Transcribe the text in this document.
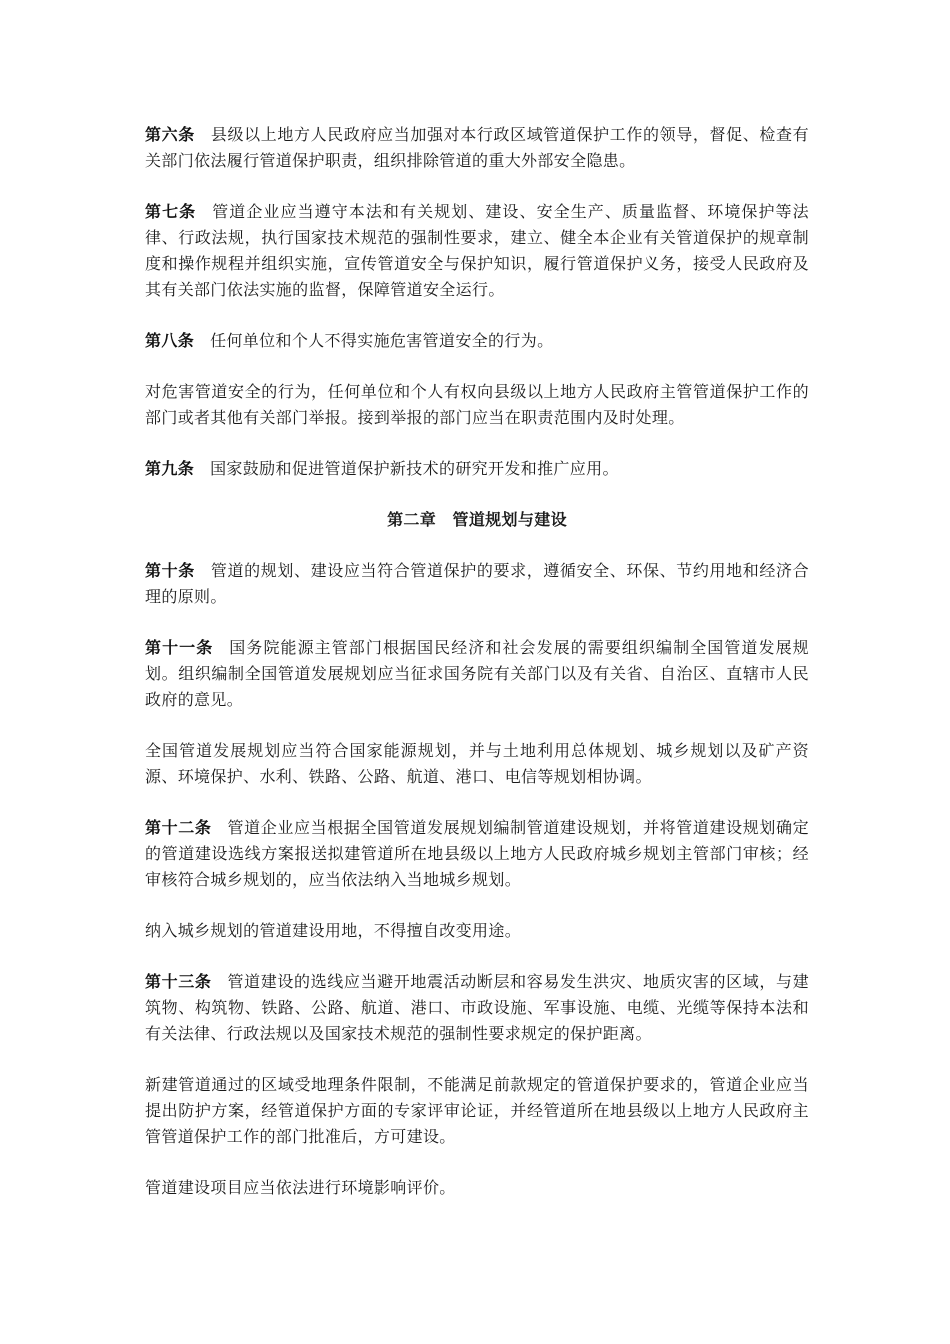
第六条 县级以上地方人民政府应当加强对本行政区域管道保护工作的领导，督促、检查有关部门依法履行管道保护职责，组织排除管道的重大外部安全隐患。

第七条 管道企业应当遵守本法和有关规划、建设、安全生产、质量监督、环境保护等法律、行政法规，执行国家技术规范的强制性要求，建立、健全本企业有关管道保护的规章制度和操作规程并组织实施，宣传管道安全与保护知识，履行管道保护义务，接受人民政府及其有关部门依法实施的监督，保障管道安全运行。

第八条 任何单位和个人不得实施危害管道安全的行为。

对危害管道安全的行为，任何单位和个人有权向县级以上地方人民政府主管管道保护工作的部门或者其他有关部门举报。接到举报的部门应当在职责范围内及时处理。

第九条 国家鼓励和促进管道保护新技术的研究开发和推广应用。

第二章　管道规划与建设

第十条 管道的规划、建设应当符合管道保护的要求，遵循安全、环保、节约用地和经济合理的原则。

第十一条 国务院能源主管部门根据国民经济和社会发展的需要组织编制全国管道发展规划。组织编制全国管道发展规划应当征求国务院有关部门以及有关省、自治区、直辖市人民政府的意见。

全国管道发展规划应当符合国家能源规划，并与土地利用总体规划、城乡规划以及矿产资源、环境保护、水利、铁路、公路、航道、港口、电信等规划相协调。

第十二条 管道企业应当根据全国管道发展规划编制管道建设规划，并将管道建设规划确定的管道建设选线方案报送拟建管道所在地县级以上地方人民政府城乡规划主管部门审核；经审核符合城乡规划的，应当依法纳入当地城乡规划。

纳入城乡规划的管道建设用地，不得擅自改变用途。

第十三条 管道建设的选线应当避开地震活动断层和容易发生洪灾、地质灾害的区域，与建筑物、构筑物、铁路、公路、航道、港口、市政设施、军事设施、电缆、光缆等保持本法和有关法律、行政法规以及国家技术规范的强制性要求规定的保护距离。

新建管道通过的区域受地理条件限制，不能满足前款规定的管道保护要求的，管道企业应当提出防护方案，经管道保护方面的专家评审论证，并经管道所在地县级以上地方人民政府主管管道保护工作的部门批准后，方可建设。

管道建设项目应当依法进行环境影响评价。
